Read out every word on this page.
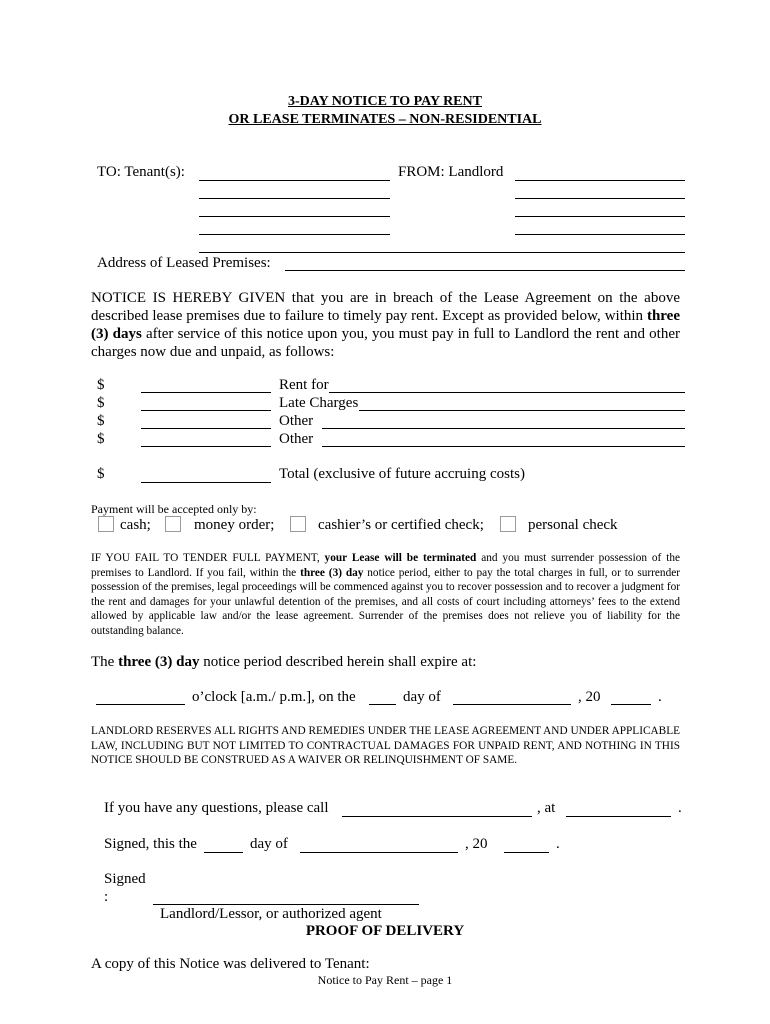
3-DAY NOTICE TO PAY RENT
OR LEASE TERMINATES – NON-RESIDENTIAL
TO: Tenant(s):	FROM: Landlord
Address of Leased Premises:
NOTICE IS HEREBY GIVEN that you are in breach of the Lease Agreement on the above described lease premises due to failure to timely pay rent. Except as provided below, within three (3) days after service of this notice upon you, you must pay in full to Landlord the rent and other charges now due and unpaid, as follows:
$	Rent for
$	Late Charges
$	Other
$	Other
$	Total (exclusive of future accruing costs)
Payment will be accepted only by:
cash;	money order;	cashier’s or certified check;	personal check
IF YOU FAIL TO TENDER FULL PAYMENT, your Lease will be terminated and you must surrender possession of the premises to Landlord. If you fail, within the three (3) day notice period, either to pay the total charges in full, or to surrender possession of the premises, legal proceedings will be commenced against you to recover possession and to recover a judgment for the rent and damages for your unlawful detention of the premises, and all costs of court including attorneys’ fees to the extend allowed by applicable law and/or the lease agreement. Surrender of the premises does not relieve you of liability for the outstanding balance.
The three (3) day notice period described herein shall expire at:
o’clock [a.m./ p.m.], on the	day of	, 20	.
LANDLORD RESERVES ALL RIGHTS AND REMEDIES UNDER THE LEASE AGREEMENT AND UNDER APPLICABLE LAW, INCLUDING BUT NOT LIMITED TO CONTRACTUAL DAMAGES FOR UNPAID RENT, AND NOTHING IN THIS NOTICE SHOULD BE CONSTRUED AS A WAIVER OR RELINQUISHMENT OF SAME.
If you have any questions, please call	, at	.
Signed, this the	day of	, 20	.
Signed
:
Landlord/Lessor, or authorized agent
PROOF OF DELIVERY
A copy of this Notice was delivered to Tenant:
Notice to Pay Rent – page 1
